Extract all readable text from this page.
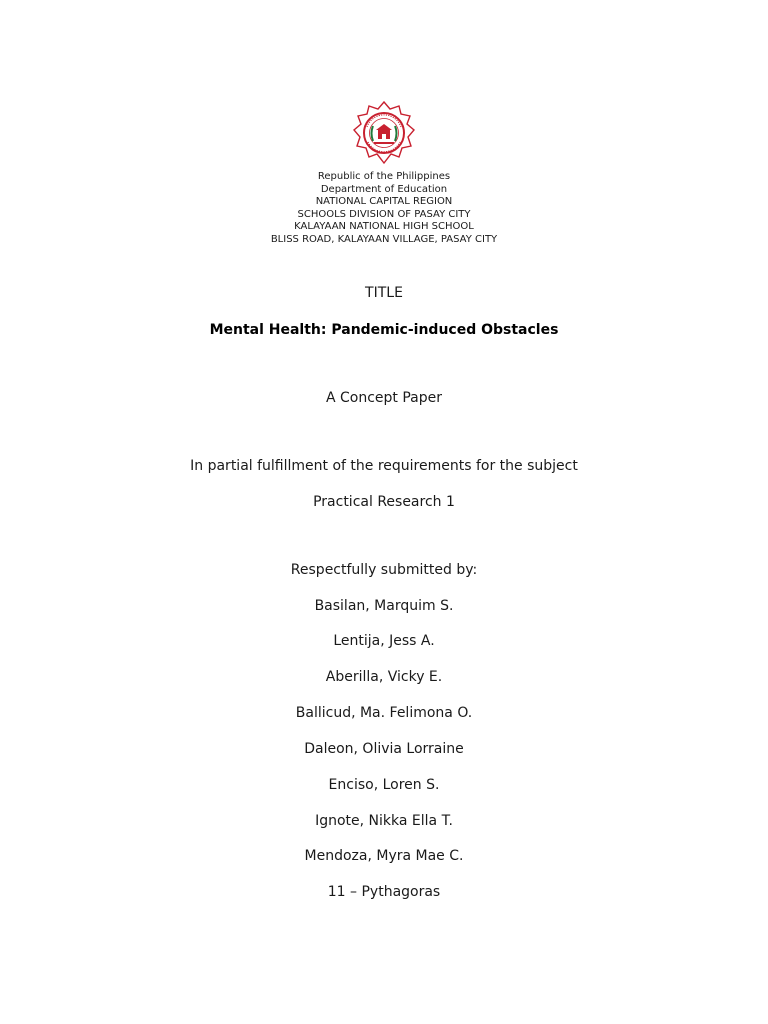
Republic of the Philippines
Department of Education
NATIONAL CAPITAL REGION
SCHOOLS DIVISION OF PASAY CITY
KALAYAAN NATIONAL HIGH SCHOOL
BLISS ROAD, KALAYAAN VILLAGE, PASAY CITY
TITLE
Mental Health: Pandemic-induced Obstacles
A Concept Paper
In partial fulfillment of the requirements for the subject
Practical Research 1
Respectfully submitted by:
Basilan, Marquim S.
Lentija, Jess A.
Aberilla, Vicky E.
Ballicud, Ma. Felimona O.
Daleon, Olivia Lorraine
Enciso, Loren S.
Ignote, Nikka Ella T.
Mendoza, Myra Mae C.
11 – Pythagoras
